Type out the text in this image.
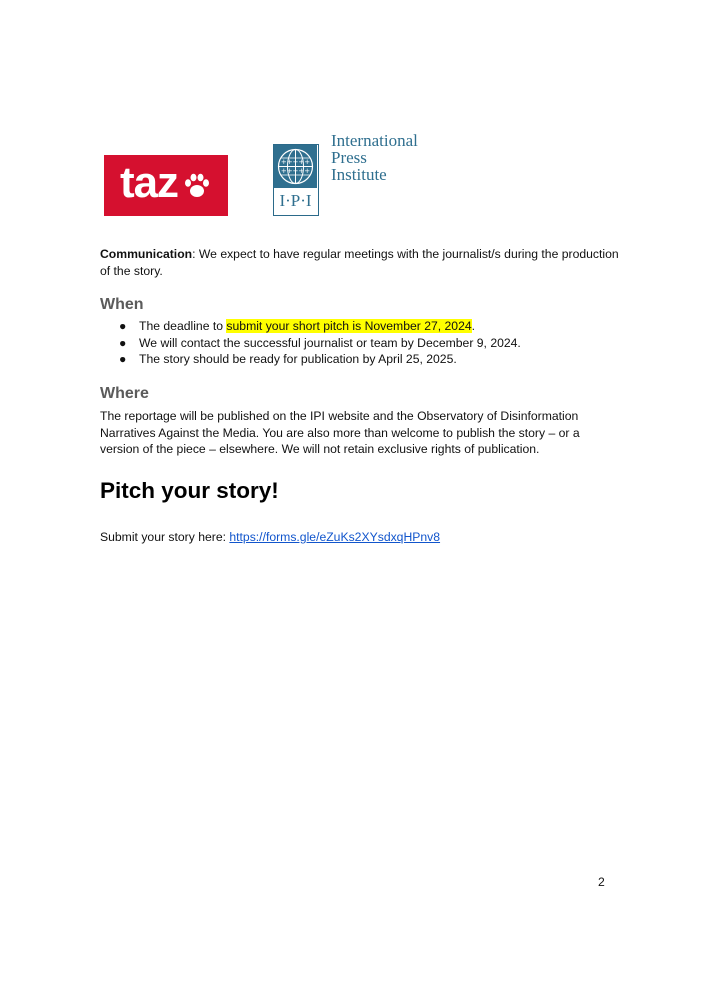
taz	+++++
+++++
I·P·I
International
Press
Institute
Communication: We expect to have regular meetings with the journalist/s during the production of the story.
When
● The deadline to submit your short pitch is November 27, 2024.
● We will contact the successful journalist or team by December 9, 2024.
● The story should be ready for publication by April 25, 2025.
Where
The reportage will be published on the IPI website and the Observatory of Disinformation Narratives Against the Media. You are also more than welcome to publish the story – or a version of the piece – elsewhere. We will not retain exclusive rights of publication.
Pitch your story!
Submit your story here: https://forms.gle/eZuKs2XYsdxqHPnv8
2
